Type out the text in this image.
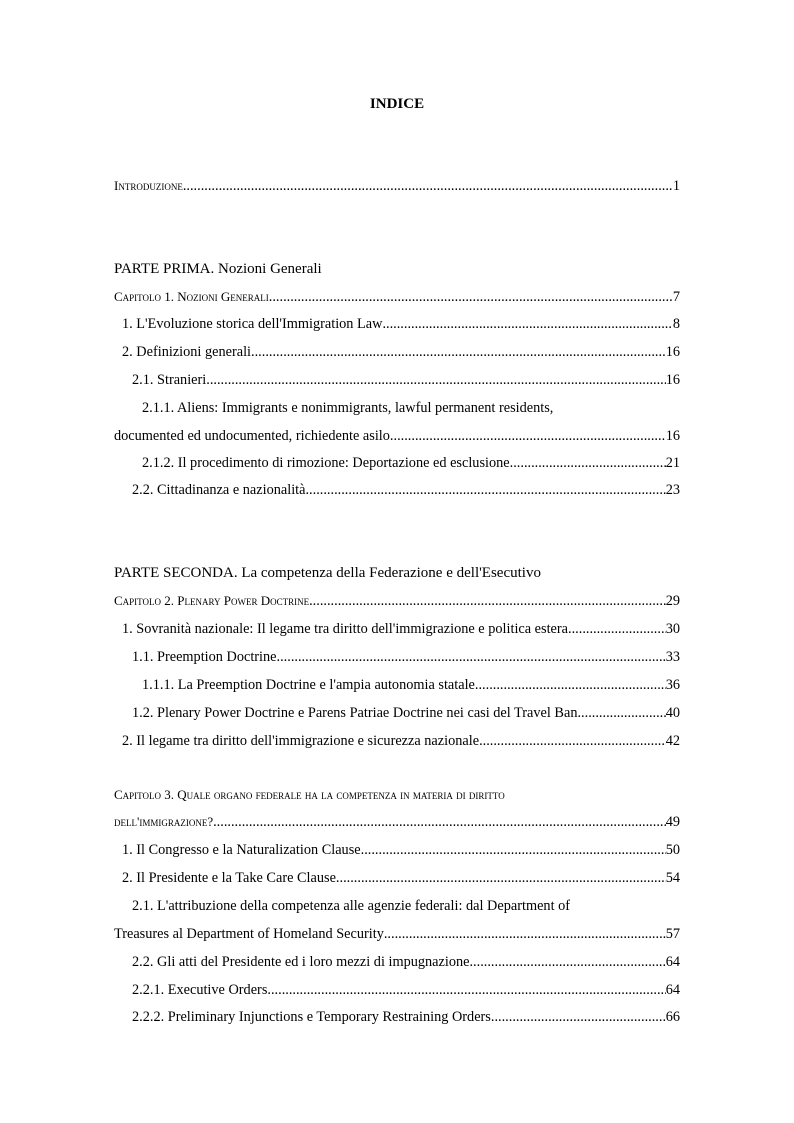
INDICE
Introduzione .....	1
PARTE PRIMA. Nozioni Generali
Capitolo 1. Nozioni Generali .....	7
1. L'Evoluzione storica dell'Immigration Law .....	8
2. Definizioni generali .....	16
2.1. Stranieri .....	16
2.1.1. Aliens: Immigrants e nonimmigrants, lawful permanent residents,
documented ed undocumented, richiedente asilo .....	16
2.1.2. Il procedimento di rimozione: Deportazione ed esclusione .....	21
2.2. Cittadinanza e nazionalità .....	23
PARTE SECONDA. La competenza della Federazione e dell'Esecutivo
Capitolo 2. Plenary Power Doctrine .....	29
1. Sovranità nazionale: Il legame tra diritto dell'immigrazione e politica estera .....	30
1.1. Preemption Doctrine .....	33
1.1.1. La Preemption Doctrine e l'ampia autonomia statale .....	36
1.2. Plenary Power Doctrine e Parens Patriae Doctrine nei casi del Travel Ban .....	40
2. Il legame tra diritto dell'immigrazione e sicurezza nazionale .....	42
Capitolo 3. Quale organo federale ha la competenza in materia di diritto
dell'immigrazione? .....	49
1. Il Congresso e la Naturalization Clause .....	50
2. Il Presidente e la Take Care Clause .....	54
2.1. L'attribuzione della competenza alle agenzie federali: dal Department of
Treasures al Department of Homeland Security .....	57
2.2. Gli atti del Presidente ed i loro mezzi di impugnazione .....	64
2.2.1. Executive Orders .....	64
2.2.2. Preliminary Injunctions e Temporary Restraining Orders .....	66
